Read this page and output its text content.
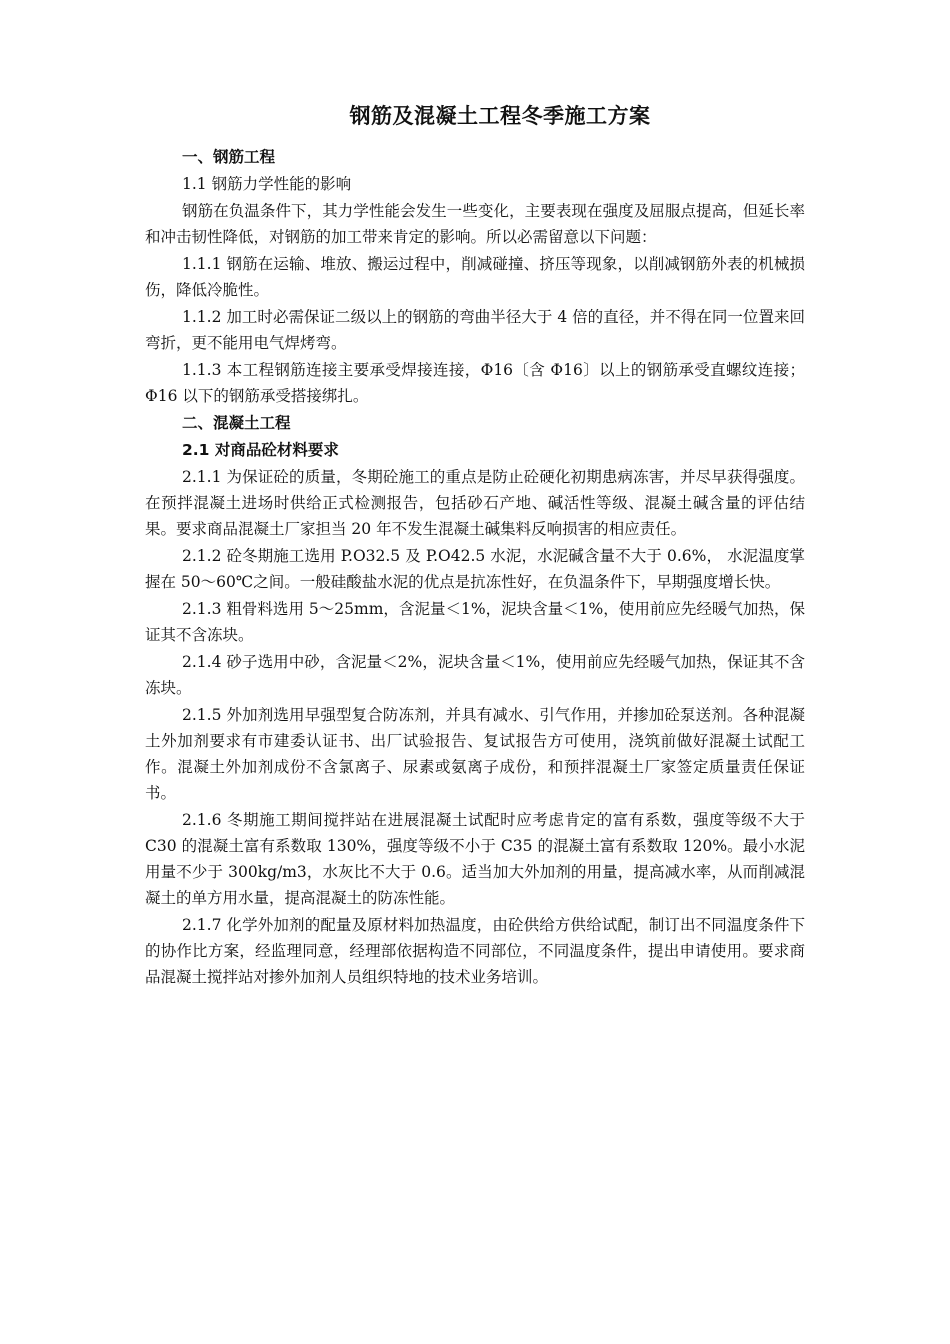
钢筋及混凝土工程冬季施工方案

一、钢筋工程

1.1 钢筋力学性能的影响

钢筋在负温条件下，其力学性能会发生一些变化，主要表现在强度及屈服点提高，但延长率和冲击韧性降低，对钢筋的加工带来肯定的影响。所以必需留意以下问题：

1.1.1 钢筋在运输、堆放、搬运过程中，削减碰撞、挤压等现象，以削减钢筋外表的机械损伤，降低冷脆性。

1.1.2 加工时必需保证二级以上的钢筋的弯曲半径大于 4 倍的直径，并不得在同一位置来回弯折，更不能用电气焊烤弯。

1.1.3 本工程钢筋连接主要承受焊接连接，Φ16〔含 Φ16〕以上的钢筋承受直螺纹连接；Φ16 以下的钢筋承受搭接绑扎。

二、混凝土工程

2.1 对商品砼材料要求

2.1.1 为保证砼的质量，冬期砼施工的重点是防止砼硬化初期患病冻害，并尽早获得强度。在预拌混凝土进场时供给正式检测报告，包括砂石产地、碱活性等级、混凝土碱含量的评估结果。要求商品混凝土厂家担当 20 年不发生混凝土碱集料反响损害的相应责任。

2.1.2 砼冬期施工选用 P.O32.5 及 P.O42.5 水泥，水泥碱含量不大于 0.6%， 水泥温度掌握在 50～60℃之间。一般硅酸盐水泥的优点是抗冻性好，在负温条件下，早期强度增长快。

2.1.3 粗骨料选用 5～25mm，含泥量＜1%，泥块含量＜1%，使用前应先经暖气加热，保证其不含冻块。

2.1.4 砂子选用中砂，含泥量＜2%，泥块含量＜1%，使用前应先经暖气加热，保证其不含冻块。

2.1.5 外加剂选用早强型复合防冻剂，并具有减水、引气作用，并掺加砼泵送剂。各种混凝土外加剂要求有市建委认证书、出厂试验报告、复试报告方可使用，浇筑前做好混凝土试配工作。混凝土外加剂成份不含氯离子、尿素或氨离子成份，和预拌混凝土厂家签定质量责任保证书。

2.1.6 冬期施工期间搅拌站在进展混凝土试配时应考虑肯定的富有系数，强度等级不大于 C30 的混凝土富有系数取 130%，强度等级不小于 C35 的混凝土富有系数取 120%。最小水泥用量不少于 300kg/m3，水灰比不大于 0.6。适当加大外加剂的用量，提高减水率，从而削减混凝土的单方用水量，提高混凝土的防冻性能。

2.1.7 化学外加剂的配量及原材料加热温度，由砼供给方供给试配，制订出不同温度条件下的协作比方案，经监理同意，经理部依据构造不同部位，不同温度条件，提出申请使用。要求商品混凝土搅拌站对掺外加剂人员组织特地的技术业务培训。
